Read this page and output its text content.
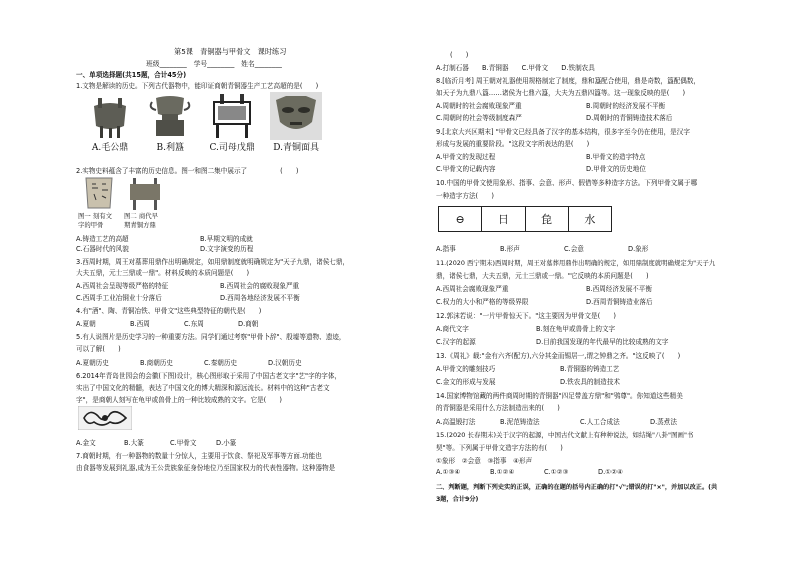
第5课　青铜器与甲骨文　课时练习
班级________　学号________　姓名________
一、单项选择题(共15题，合计45分)
1.文物是解读的历史。下列古代器物中，能印证商朝青铜器生产工艺高超的是(　　)
A.毛公鼎	B.利簋	C.司母戊鼎 D.青铜面具
2.实物史料蕴含了丰富的历史信息。图一和图二集中展示了　　　　　(　　)
图一 刻有文
字的甲骨
图二 商代早
期青铜方鼎
A.铸造工艺的高超	B.早期文明的成就
C.石器时代的风貌	D.文字演变的历程
3.西周时期，周王对墓葬用鼎作出明确规定，如用鼎制度就明确规定为"天子九鼎，诸侯七鼎，
大夫五鼎，元士三鼎或一鼎"。材料反映的本质问题是(　　)
A.西周社会呈现等级严格的特征	B.西周社会的腐败现象严重
C.西周手工业冶铜业十分落后	D.西周各地经济发展不平衡
4.有"酒"、陶、青铜冶铁、甲骨文"这些典型特征的朝代是(　　)
A.夏朝	B.西周	C.东周	D.商朝
5.有人说图片是历史学习的一种重要方法。同学们通过考察"甲骨卜辞"、殷墟等遗物、遗迹，
可以了解(　　)
A.夏朝历史	B.商朝历史	C.秦朝历史	D.汉朝历史
6.2014年青岛世园会的会徽(下图)设计，核心图形取于采用了中国古老文字"艺"字的字体，
实出了中国文化的精髓，表达了中国文化的博大精深和源远流长。材料中的这种"古老文
字"，是商朝人刻写在龟甲或兽骨上的一种比较成熟的文字。它是(　　)
A.金文	B.大篆	C.甲骨文	D.小篆
7.商朝时期，有一种器物的数量十分惊人，主要用于饮食、祭祀及军事等方面.功能也
由食器等发展到礼器,成为王公贵族象征身份地位乃至国家权力的代表性器物。这种器物是
(　　)
A.打制石器　　B.青铜器　　C.甲骨文　　D.铁制农具
8.[临沂月考] 周王朝对礼器使用规格制定了制度，鼎和簋配合使用，鼎是奇数，簋配偶数，
如天子为九鼎八簋……诸侯为七鼎六簋，大夫为五鼎四簋等。这一现象反映的是(　　)
A.周朝时的社会腐败现象严重	B.周朝时的经济发展不平衡
C.周朝时的社会等级制度森严	D.周朝时的青铜铸造技术落后
9.[北京大兴区期末] "甲骨文已经具备了汉字的基本结构，很多字至今仍在使用，是汉字
形成与发展的重要阶段。"这段文字所表达的是(　　)
A.甲骨文的发现过程	B.甲骨文的造字特点
C.甲骨文的记载内容	D.甲骨文的历史地位
10.中国的甲骨文使用象形、指事、会意、形声、假借等多种造字方法。下列甲骨文属于哪
一种造字方法(　　)
⊖	日	㲋	水
A.指事	B.形声	C.会意	D.象形
11.(2020 西宁期末)西周时期，周王对墓葬用鼎作出明确的规定，如用鼎制度就明确规定为"天子九
鼎，诸侯七鼎，大夫五鼎，元士三鼎或一鼎。"它反映的本质问题是(　　)
A.西周社会腐败现象严重	B.西周经济发展不平衡
C.权力的大小和严格的等级界限	D.西周青铜铸造业落后
12.郭沫若说："一片甲骨惊天下。"这主要因为甲骨文是(　　)
A.商代文字	B.刻在龟甲或兽骨上的文字
C.汉字的起源	D.目前我国发现的年代最早的比较成熟的文字
13.《周礼》载:"金有六齐(配方),六分其金而锡居一,谓之钟鼎之齐。"这反映了(　　)
A.甲骨文的雕刻技巧	B.青铜器的铸造工艺
C.金文的形成与发展	D.铁农具的制造技术
14.国家博物馆藏的两件商周时期的青铜器"四足带盖方鼎"和"鸮尊"。你知道这些精美
的青铜器是采用什么方法制造出来的(　　)
A.高温锻打法	B.泥范铸造法	C.人工合成法	D.蒸煮法
15.(2020 长春期末)关于汉字的起源，中国古代文献上有种种说法，如结绳"八卦"图画"书
契"等。下列属于甲骨文造字方法的有(　　)
①象形　②会意　③指事　④形声
A.①③④	B.①②④	C.①②③	D.①②④
二、判断题，判断下列史实的正误，正确的在题的括号内正确的打"√";错误的打"×"，并加以改正。(共
3题，合计9分)
